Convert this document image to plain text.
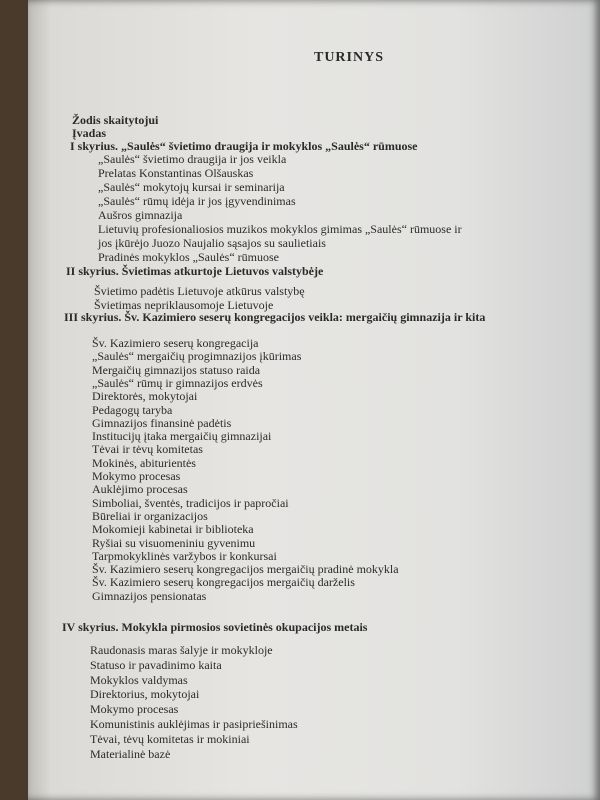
TURINYS
Žodis skaitytojui
Įvadas
I skyrius. „Saulės“ švietimo draugija ir mokyklos „Saulės“ rūmuose
„Saulės“ švietimo draugija ir jos veikla
Prelatas Konstantinas Olšauskas
„Saulės“ mokytojų kursai ir seminarija
„Saulės“ rūmų idėja ir jos įgyvendinimas
Aušros gimnazija
Lietuvių profesionaliosios muzikos mokyklos gimimas „Saulės“ rūmuose ir
jos įkūrėjo Juozo Naujalio sąsajos su saulietiais
Pradinės mokyklos „Saulės“ rūmuose
II skyrius. Švietimas atkurtoje Lietuvos valstybėje
Švietimo padėtis Lietuvoje atkūrus valstybę
Švietimas nepriklausomoje Lietuvoje
III skyrius. Šv. Kazimiero seserų kongregacijos veikla: mergaičių gimnazija ir kita
Šv. Kazimiero seserų kongregacija
„Saulės“ mergaičių progimnazijos įkūrimas
Mergaičių gimnazijos statuso raida
„Saulės“ rūmų ir gimnazijos erdvės
Direktorės, mokytojai
Pedagogų taryba
Gimnazijos finansinė padėtis
Institucijų įtaka mergaičių gimnazijai
Tėvai ir tėvų komitetas
Mokinės, abiturientės
Mokymo procesas
Auklėjimo procesas
Simboliai, šventės, tradicijos ir papročiai
Būreliai ir organizacijos
Mokomieji kabinetai ir biblioteka
Ryšiai su visuomeniniu gyvenimu
Tarpmokyklinės varžybos ir konkursai
Šv. Kazimiero seserų kongregacijos mergaičių pradinė mokykla
Šv. Kazimiero seserų kongregacijos mergaičių darželis
Gimnazijos pensionatas
IV skyrius. Mokykla pirmosios sovietinės okupacijos metais
Raudonasis maras šalyje ir mokykloje
Statuso ir pavadinimo kaita
Mokyklos valdymas
Direktorius, mokytojai
Mokymo procesas
Komunistinis auklėjimas ir pasipriešinimas
Tėvai, tėvų komitetas ir mokiniai
Materialinė bazė
